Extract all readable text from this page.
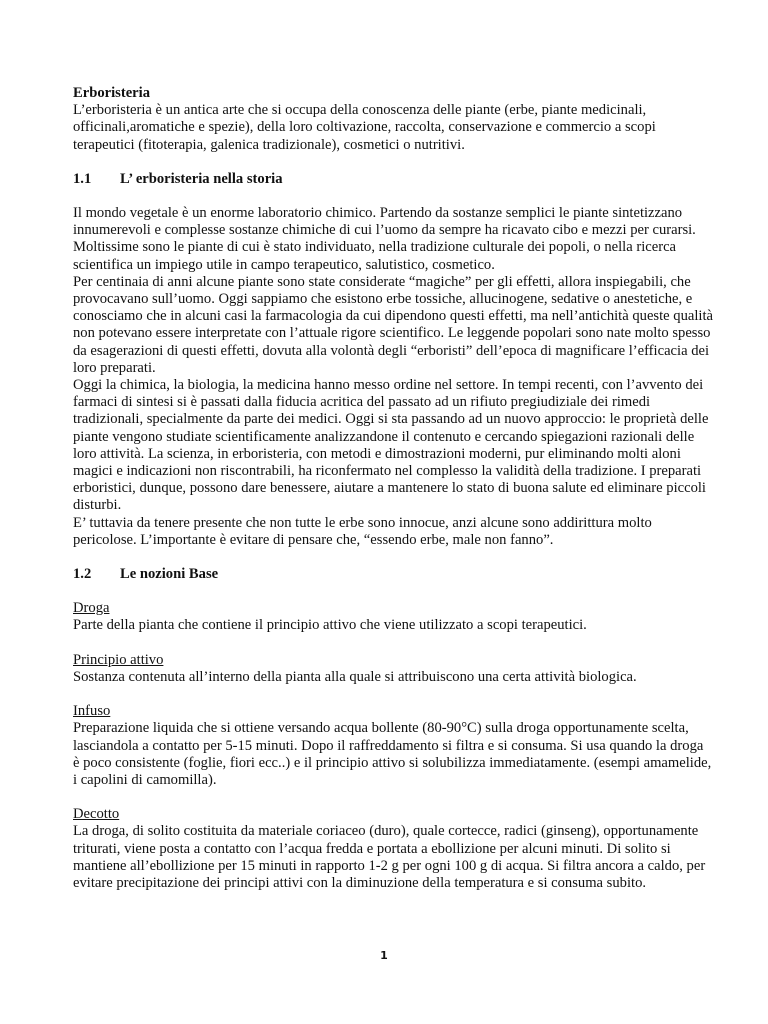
Erboristeria

L’erboristeria è un antica arte che si occupa della conoscenza delle piante (erbe, piante medicinali, officinali,aromatiche e spezie), della loro coltivazione, raccolta, conservazione e commercio a scopi terapeutici (fitoterapia, galenica tradizionale), cosmetici o nutritivi.

1.1	L’ erboristeria nella storia

Il mondo vegetale è un enorme laboratorio chimico. Partendo da sostanze semplici le piante sintetizzano innumerevoli e complesse sostanze chimiche di cui l’uomo da sempre ha ricavato cibo e mezzi per curarsi. Moltissime sono le piante di cui è stato individuato, nella tradizione culturale dei popoli, o nella ricerca scientifica un impiego utile in campo terapeutico, salutistico, cosmetico.

Per centinaia di anni alcune piante sono state considerate “magiche” per gli effetti, allora inspiegabili, che provocavano sull’uomo. Oggi sappiamo che esistono erbe tossiche, allucinogene, sedative o anestetiche, e conosciamo che in alcuni casi la farmacologia da cui dipendono questi effetti, ma nell’antichità queste qualità non potevano essere interpretate con l’attuale rigore scientifico. Le leggende popolari sono nate molto spesso da esagerazioni di questi effetti, dovuta alla volontà degli “erboristi” dell’epoca di magnificare l’efficacia dei loro preparati.

Oggi la chimica, la biologia, la medicina hanno messo ordine nel settore. In tempi recenti, con l’avvento dei farmaci di sintesi si è passati dalla fiducia acritica del passato ad un rifiuto pregiudiziale dei rimedi tradizionali, specialmente da parte dei medici. Oggi si sta passando ad un nuovo approccio: le proprietà delle piante vengono studiate scientificamente analizzandone il contenuto e cercando spiegazioni razionali delle loro attività. La scienza, in erboristeria, con metodi e dimostrazioni moderni, pur eliminando molti aloni magici e indicazioni non riscontrabili, ha riconfermato nel complesso la validità della tradizione. I preparati erboristici, dunque, possono dare benessere, aiutare a mantenere lo stato di buona salute ed eliminare piccoli disturbi.

E’ tuttavia da tenere presente che non tutte le erbe sono innocue, anzi alcune sono addirittura molto pericolose. L’importante è evitare di pensare che, “essendo erbe, male non fanno”.

1.2	Le nozioni Base

Droga

Parte della pianta che contiene il principio attivo che viene utilizzato a scopi terapeutici.

Principio attivo

Sostanza contenuta all’interno della pianta alla quale si attribuiscono una certa attività biologica.

Infuso

Preparazione liquida che si ottiene versando acqua bollente (80-90°C) sulla droga opportunamente scelta, lasciandola a contatto per 5-15 minuti. Dopo il raffreddamento si filtra e si consuma. Si usa quando la droga è poco consistente (foglie, fiori ecc..) e il principio attivo si solubilizza immediatamente. (esempi amamelide, i capolini di camomilla).

Decotto

La droga, di solito costituita da materiale coriaceo (duro), quale cortecce, radici (ginseng), opportunamente triturati, viene posta a contatto con l’acqua fredda e portata a ebollizione per alcuni minuti. Di solito si mantiene all’ebollizione per 15 minuti in rapporto 1-2 g per ogni 100 g di acqua. Si filtra ancora a caldo, per evitare precipitazione dei principi attivi con la diminuzione della temperatura e si consuma subito.

1
